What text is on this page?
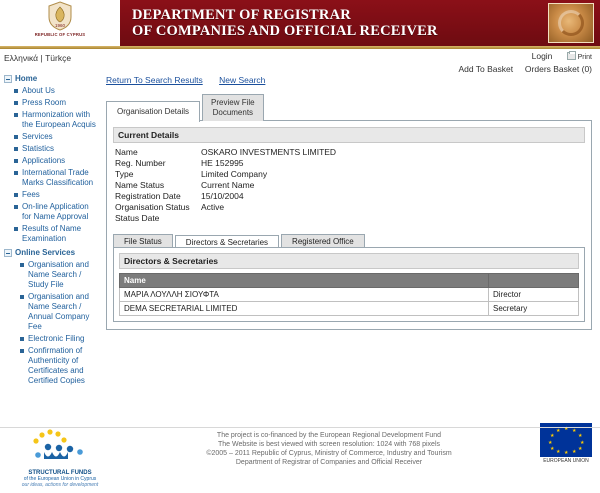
1960
REPUBLIC OF CYPRUS
DEPARTMENT OF REGISTRAR
OF COMPANIES AND OFFICIAL RECEIVER
Ελληνικά | Türkçe	Login	Print
Add To Basket Orders Basket (0)
Home
About Us
Press Room
Harmonization with the European Acquis
Services
Statistics
Applications
International Trade Marks Classification
Fees
On-line Application for Name Approval
Results of Name Examination
Online Services
Organisation and Name Search / Study File
Organisation and Name Search / Annual Company Fee
Electronic Filing
Confirmation of Authenticity of Certificates and Certified Copies
Return To Search Results New Search
Organisation Details
Preview File
Documents
Current Details
Name	OSKARO INVESTMENTS LIMITED
Reg. Number	ΗΕ 152995
Type	Limited Company
Name Status	Current Name
Registration Date	15/10/2004
Organisation Status	Active
Status Date	
File Status	Directors & Secretaries	Registered Office
Directors & Secretaries
Name	
ΜΑΡΙΑ ΛΟΥΛΛΗ ΣΙΟΥΦΤΑ	Director
DEMA SECRETARIAL LIMITED	Secretary
STRUCTURAL FUNDS
of the European Union in Cyprus
our ideas, actions for development
The project is co-financed by the European Regional Development Fund
The Website is best viewed with screen resolution: 1024 with 768 pixels
©2005 – 2011 Republic of Cyprus, Ministry of Commerce, Industry and Tourism
Department of Registrar of Companies and Official Receiver
★ ★
★
★
★
★
★
★
★
★
★
★
EUROPEAN UNION
